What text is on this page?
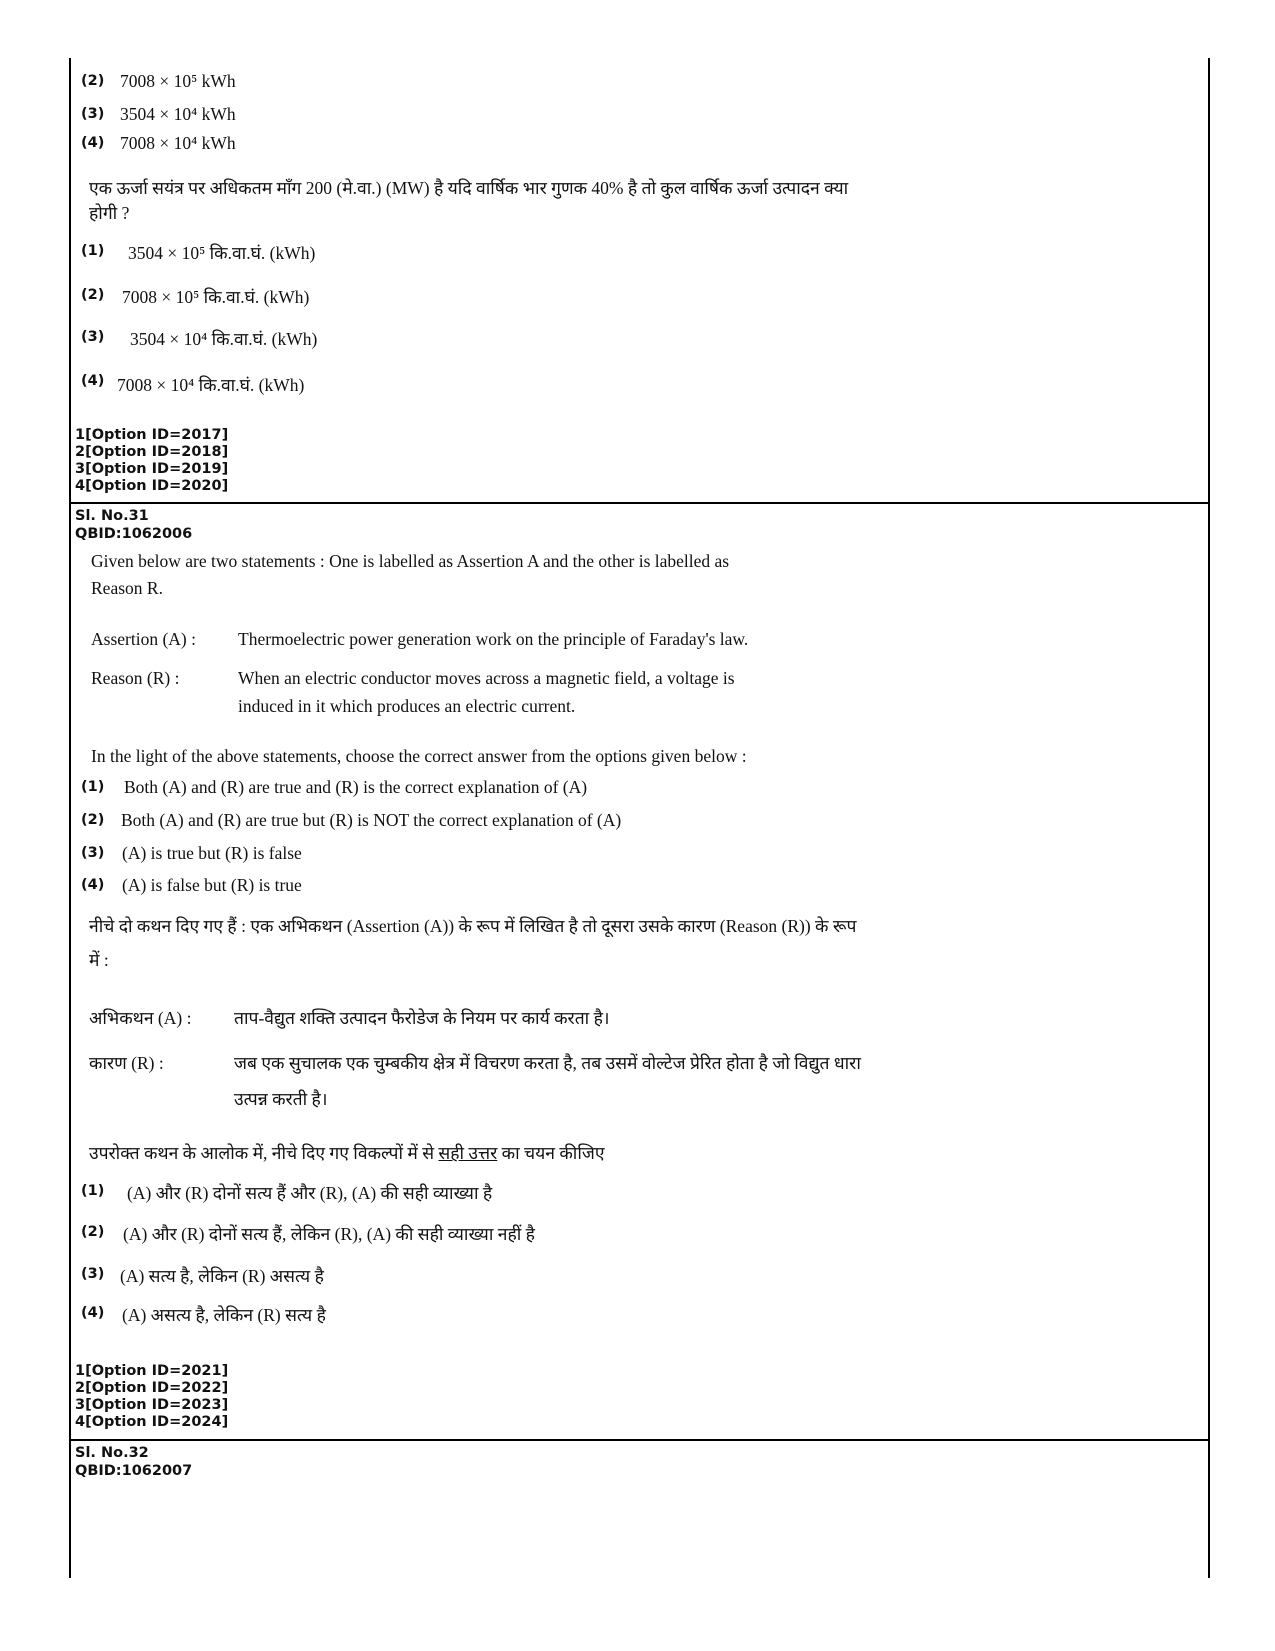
(2) 7008 × 10⁵ kWh
(3) 3504 × 10⁴ kWh
(4) 7008 × 10⁴ kWh
एक ऊर्जा सयंत्र पर अधिकतम माँग 200 (मे.वा.) (MW) है यदि वार्षिक भार गुणक 40% है तो कुल वार्षिक ऊर्जा उत्पादन क्या
होगी ?
(1) 3504 × 10⁵ कि.वा.घं. (kWh)
(2) 7008 × 10⁵ कि.वा.घं. (kWh)
(3) 3504 × 10⁴ कि.वा.घं. (kWh)
(4) 7008 × 10⁴ कि.वा.घं. (kWh)
1[Option ID=2017]
2[Option ID=2018]
3[Option ID=2019]
4[Option ID=2020]
Sl. No.31
QBID:1062006
Given below are two statements : One is labelled as Assertion A and the other is labelled as
Reason R.
Assertion (A) : Thermoelectric power generation work on the principle of Faraday's law.
Reason (R) :	When an electric conductor moves across a magnetic field, a voltage is
induced in it which produces an electric current.
In the light of the above statements, choose the correct answer from the options given below :
(1) Both (A) and (R) are true and (R) is the correct explanation of (A)
(2) Both (A) and (R) are true but (R) is NOT the correct explanation of (A)
(3) (A) is true but (R) is false
(4) (A) is false but (R) is true
नीचे दो कथन दिए गए हैं : एक अभिकथन (Assertion (A)) के रूप में लिखित है तो दूसरा उसके कारण (Reason (R)) के रूप
में :
अभिकथन (A) : ताप-वैद्युत शक्ति उत्पादन फैरोडेज के नियम पर कार्य करता है।
कारण (R) :	जब एक सुचालक एक चुम्बकीय क्षेत्र में विचरण करता है, तब उसमें वोल्टेज प्रेरित होता है जो विद्युत धारा
उत्पन्न करती है।
उपरोक्त कथन के आलोक में, नीचे दिए गए विकल्पों में से सही उत्तर का चयन कीजिए
(1) (A) और (R) दोनों सत्य हैं और (R), (A) की सही व्याख्या है
(2) (A) और (R) दोनों सत्य हैं, लेकिन (R), (A) की सही व्याख्या नहीं है
(3) (A) सत्य है, लेकिन (R) असत्य है
(4) (A) असत्य है, लेकिन (R) सत्य है
1[Option ID=2021]
2[Option ID=2022]
3[Option ID=2023]
4[Option ID=2024]
Sl. No.32
QBID:1062007
